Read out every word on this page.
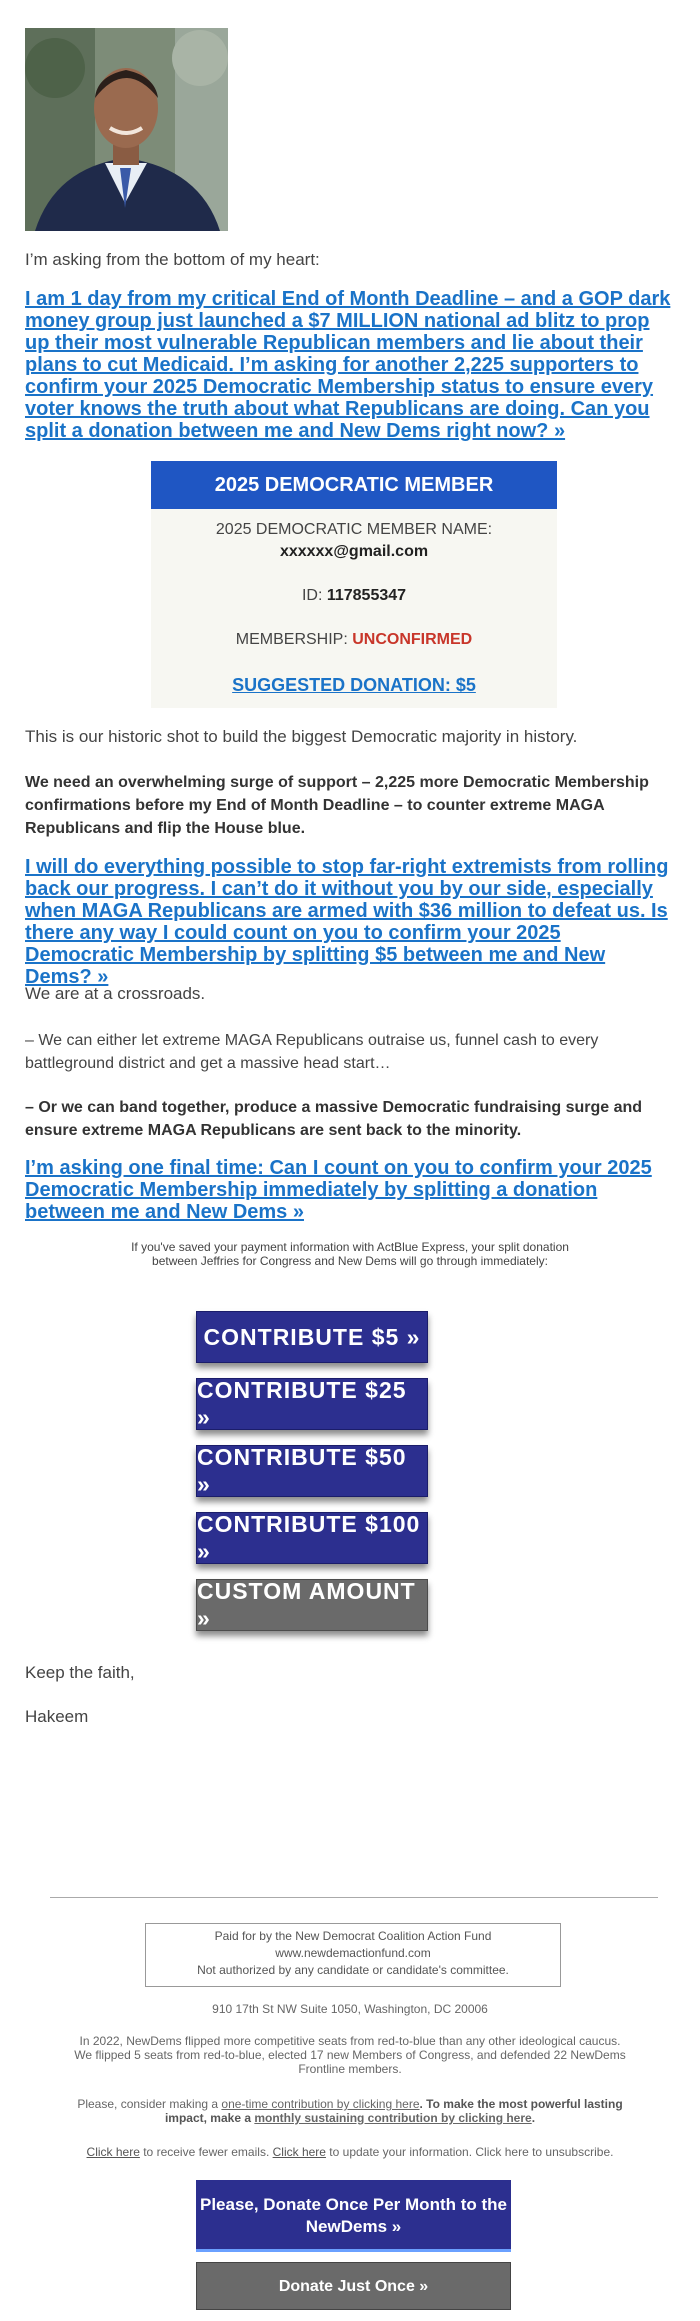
I’m asking from the bottom of my heart:

I am 1 day from my critical End of Month Deadline – and a GOP dark money group just launched a $7 MILLION national ad blitz to prop up their most vulnerable Republican members and lie about their plans to cut Medicaid. I’m asking for another 2,225 supporters to confirm your 2025 Democratic Membership status to ensure every voter knows the truth about what Republicans are doing. Can you split a donation between me and New Dems right now? »
2025 DEMOCRATIC MEMBER
2025 DEMOCRATIC MEMBER NAME:
xxxxxx@gmail.com
ID: 117855347
MEMBERSHIP: UNCONFIRMED
SUGGESTED DONATION: $5

This is our historic shot to build the biggest Democratic majority in history.

We need an overwhelming surge of support – 2,225 more Democratic Membership confirmations before my End of Month Deadline – to counter extreme MAGA Republicans and flip the House blue.

I will do everything possible to stop far-right extremists from rolling back our progress. I can’t do it without you by our side, especially when MAGA Republicans are armed with $36 million to defeat us. Is there any way I could count on you to confirm your 2025 Democratic Membership by splitting $5 between me and New Dems? »

We are at a crossroads.

– We can either let extreme MAGA Republicans outraise us, funnel cash to every battleground district and get a massive head start…

– Or we can band together, produce a massive Democratic fundraising surge and ensure extreme MAGA Republicans are sent back to the minority.

I’m asking one final time: Can I count on you to confirm your 2025 Democratic Membership immediately by splitting a donation between me and New Dems »
If you've saved your payment information with ActBlue Express, your split donation between Jeffries for Congress and New Dems will go through immediately:
CONTRIBUTE $5 »
CONTRIBUTE $25 »
CONTRIBUTE $50 »
CONTRIBUTE $100 »
CUSTOM AMOUNT »

Keep the faith,

Hakeem

Paid for by the New Democrat Coalition Action Fund
www.newdemactionfund.com
Not authorized by any candidate or candidate's committee.
910 17th St NW Suite 1050, Washington, DC 20006
In 2022, NewDems flipped more competitive seats from red-to-blue than any other ideological caucus. We flipped 5 seats from red-to-blue, elected 17 new Members of Congress, and defended 22 NewDems Frontline members.
Please, consider making a one-time contribution by clicking here. To make the most powerful lasting impact, make a monthly sustaining contribution by clicking here.
Click here to receive fewer emails. Click here to update your information. Click here to unsubscribe.
Please, Donate Once Per Month to the NewDems »
Donate Just Once »
